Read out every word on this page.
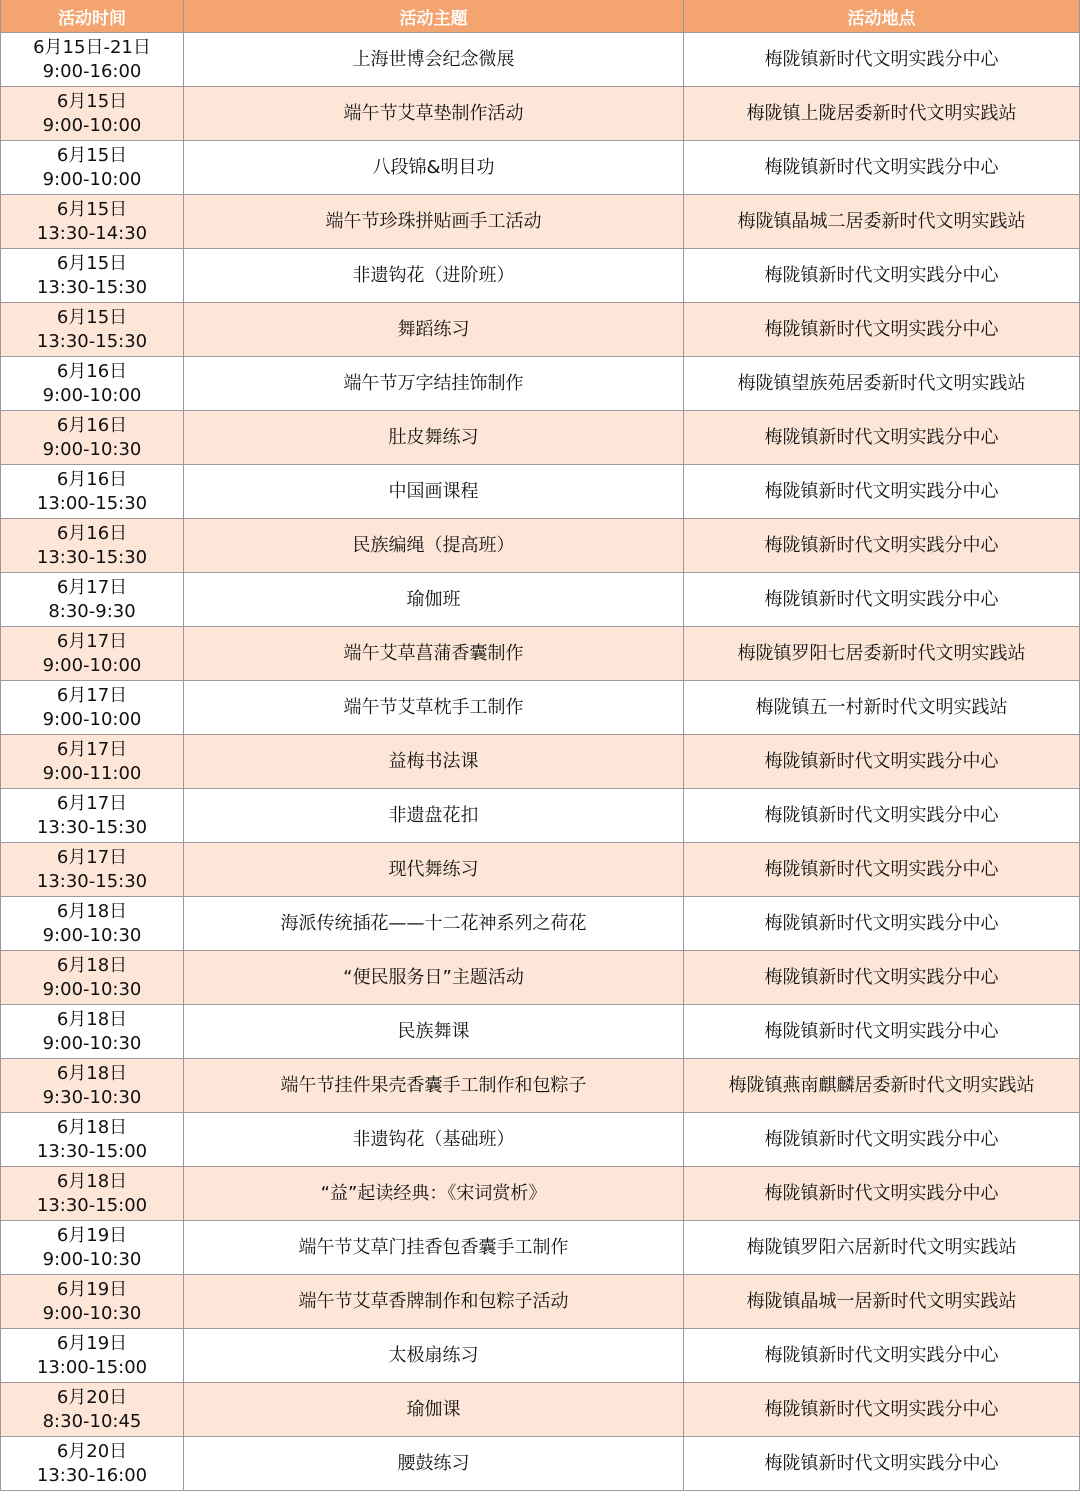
活动时间	活动主题	活动地点

6月15日-21日
9:00-16:00	上海世博会纪念微展	梅陇镇新时代文明实践分中心

6月15日
9:00-10:00	端午节艾草垫制作活动	梅陇镇上陇居委新时代文明实践站

6月15日
9:00-10:00	八段锦&明目功	梅陇镇新时代文明实践分中心

6月15日
13:30-14:30	端午节珍珠拼贴画手工活动	梅陇镇晶城二居委新时代文明实践站

6月15日
13:30-15:30	非遗钩花（进阶班）	梅陇镇新时代文明实践分中心

6月15日
13:30-15:30	舞蹈练习	梅陇镇新时代文明实践分中心

6月16日
9:00-10:00	端午节万字结挂饰制作	梅陇镇望族苑居委新时代文明实践站

6月16日
9:00-10:30	肚皮舞练习	梅陇镇新时代文明实践分中心

6月16日
13:00-15:30	中国画课程	梅陇镇新时代文明实践分中心

6月16日
13:30-15:30	民族编绳（提高班）	梅陇镇新时代文明实践分中心

6月17日
8:30-9:30	瑜伽班	梅陇镇新时代文明实践分中心

6月17日
9:00-10:00	端午艾草菖蒲香囊制作	梅陇镇罗阳七居委新时代文明实践站

6月17日
9:00-10:00	端午节艾草枕手工制作	梅陇镇五一村新时代文明实践站

6月17日
9:00-11:00	益梅书法课	梅陇镇新时代文明实践分中心

6月17日
13:30-15:30	非遗盘花扣	梅陇镇新时代文明实践分中心

6月17日
13:30-15:30	现代舞练习	梅陇镇新时代文明实践分中心

6月18日
9:00-10:30	海派传统插花——十二花神系列之荷花	梅陇镇新时代文明实践分中心

6月18日
9:00-10:30	“便民服务日”主题活动	梅陇镇新时代文明实践分中心

6月18日
9:00-10:30	民族舞课	梅陇镇新时代文明实践分中心

6月18日
9:30-10:30	端午节挂件果壳香囊手工制作和包粽子	梅陇镇燕南麒麟居委新时代文明实践站

6月18日
13:30-15:00	非遗钩花（基础班）	梅陇镇新时代文明实践分中心

6月18日
13:30-15:00	“益”起读经典：《宋词赏析》	梅陇镇新时代文明实践分中心

6月19日
9:00-10:30	端午节艾草门挂香包香囊手工制作	梅陇镇罗阳六居新时代文明实践站

6月19日
9:00-10:30	端午节艾草香牌制作和包粽子活动	梅陇镇晶城一居新时代文明实践站

6月19日
13:00-15:00	太极扇练习	梅陇镇新时代文明实践分中心

6月20日
8:30-10:45	瑜伽课	梅陇镇新时代文明实践分中心

6月20日
13:30-16:00	腰鼓练习	梅陇镇新时代文明实践分中心
